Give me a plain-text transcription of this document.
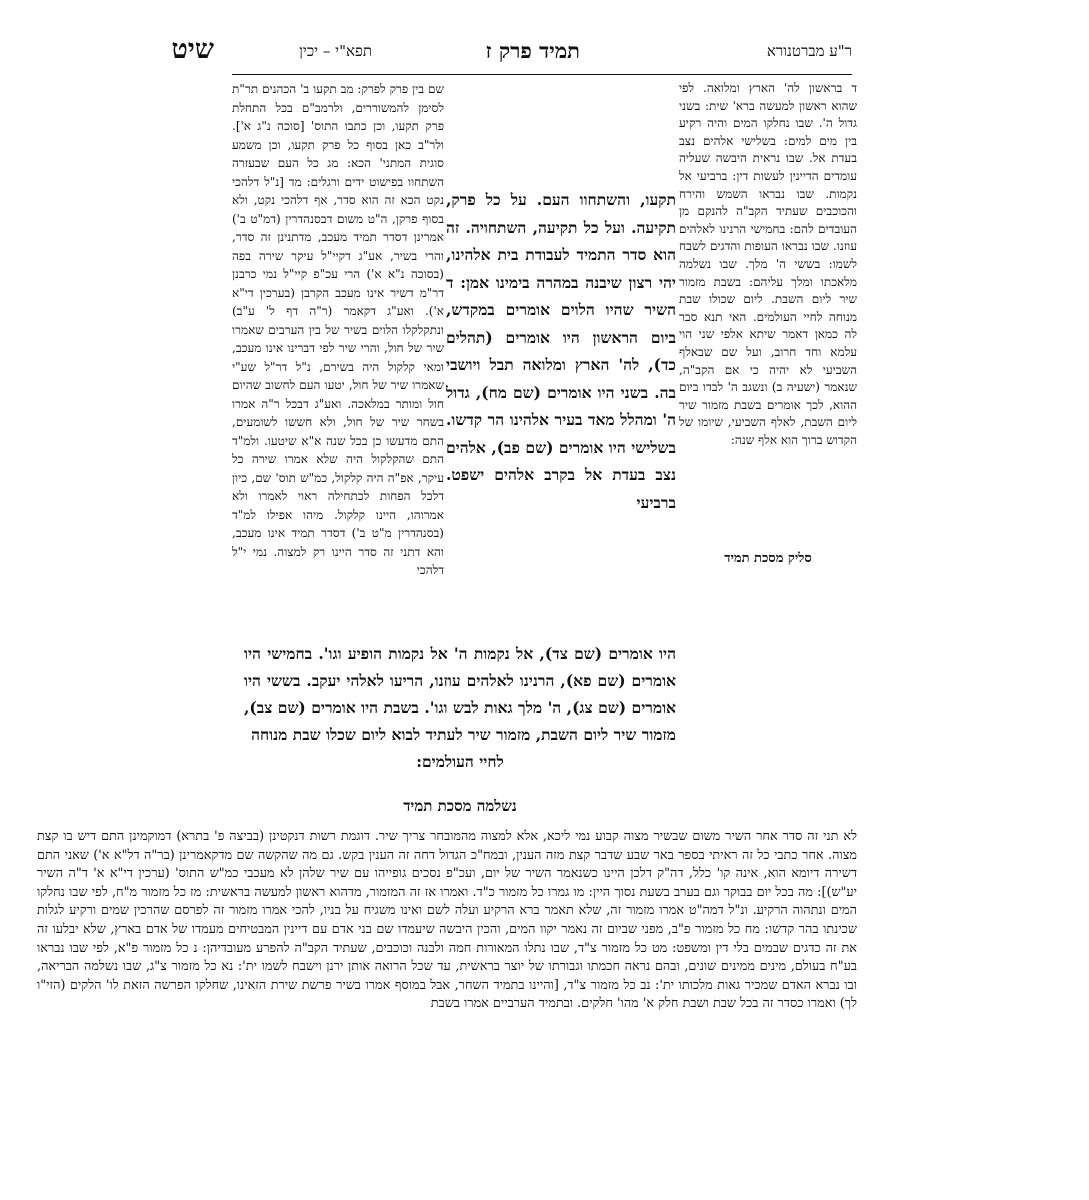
ר"ע מברטנורא
תמיד פרק ז
תפא"י – יכין
שיט
ד בראשון לה' הארץ ומלואה. לפי שהוא ראשון למעשה ברא' שית: בשני גדול ה'. שבו נחלקו המים והיה רקיע בין מים למים: בשלישי אלהים נצב בעדת אל. שבו נראית היבשה שעליה עומדים הדיינין לעשות דין: ברביעי אל נקמות. שבו נבראו השמש והירח והכוכבים שעתיד הקב"ה להנקם מן העובדים להם: בחמישי הרנינו לאלהים עוזנו. שבו נבראו העופות והדגים לשבח לשמו: בששי ה' מלך. שבו נשלמה מלאכתו ומלך עליהם: בשבת מזמור שיר ליום השבת. ליום שכולו שבת מנוחה לחיי העולמים. האי תנא סבר לה כמאן דאמר שיתא אלפי שני הוי עלמא וחד חרוב, ועל שם שבאלף השביעי לא יהיה כי אם הקב"ה, שנאמר (ישעיה ב) ונשגב ה' לבדו ביום ההוא, לכך אומרים בשבת מזמור שיר ליום השבת, לאלף השביעי, שיומו של הקדוש ברוך הוא אלף שנה:
סליק מסכת תמיד
תקעו, והשתחוו העם. על כל פרק, תקיעה. ועל כל תקיעה, השתחויה. זה הוא סדר התמיד לעבודת בית אלהינו, יהי רצון שיבנה במהרה בימינו אמן: ד השיר שהיו הלוים אומרים במקדש, ביום הראשון היו אומרים (תהלים כד), לה' הארץ ומלואה תבל ויושבי בה. בשני היו אומרים (שם מח), גדול ה' ומהלל מאד בעיר אלהינו הר קדשו. בשלישי היו אומרים (שם פב), אלהים נצב בעדת אל בקרב אלהים ישפט. ברביעי
היו אומרים (שם צד), אל נקמות ה' אל נקמות הופיע וגו'. בחמישי היו אומרים (שם פא), הרנינו לאלהים עוזנו, הריעו לאלהי יעקב. בששי היו אומרים (שם צג), ה' מלך גאות לבש וגו'. בשבת היו אומרים (שם צב), מזמור שיר ליום השבת, מזמור שיר לעתיד לבוא ליום שכלו שבת מנוחה
לחיי העולמים:
נשלמה מסכת תמיד
שם בין פרק לפרק: מב תקעו ב' הכהנים תר"ת לסימן להמשוררים, ולרמב"ם בכל התחלת פרק תקעו, וכן כתבו התוס' [סוכה נ"ג א']. ולר"ב כאן בסוף כל פרק תקעו, וכן משמע סוגית המתני' הכא: מג כל העם שבעזרה השתחוו בפישוט ידים ורגלים: מד [נ"ל דלהכי נקט הכא זה הוא סדר, אף דלהכי נקט, ולא בסוף פרקן, ה"ט משום דבסנהדרין (דמ"ט ב') אמרינן דסדר תמיד מעכב, מדתנינן זה סדר, והרי בשיר, אע"ג דקיי"ל עיקר שירה בפה (בסוכה נ"א א') הרי עכ"פ קיי"ל נמי כרבנן דר"מ דשיר אינו מעכב הקרבן (בערכין די"א א'). ואע"ג דקאמר (ר"ה דף ל' ע"ב) ונתקלקלו הלוים בשיר של בין הערבים שאמרו שיר של חול, והרי שיר לפי דברינו אינו מעכב, ומאי קלקול היה בשירם, נ"ל דר"ל שע"י שאמרו שיר של חול, יטעו העם לחשוב שהיום חול ומותר במלאכה. ואע"ג דבכל ר"ה אמרו בשחר שיר של חול, ולא חששו לשומעים, התם מדעשו כן בכל שנה א"א שיטעו. ולמ"ד התם שהקלקול היה שלא אמרו שירה כל עיקר, אפ"ה היה קלקול, כמ"ש תוס' שם, כיון דלכל הפחות לכתחילה ראוי לאמרו ולא אמרוהו, היינו קלקול. מיהו אפילו למ"ד (בסנהדרין מ"ט ב') דסדר תמיד אינו מעכב, והא דתני זה סדר היינו רק למצוה. נמי י"ל דלהכי
לא תני זה סדר אחר השיר משום שבשיר מצוה קבוע נמי ליכא, אלא למצוה מהמובחר צריך שיר. דוגמת רשות דנקטינן (בביצה פ' בתרא) דמוקמינן התם דיש בו קצת מצוה. אחר כתבי כל זה ראיתי בספר באר שבע שדבר קצת מזה הענין, ובמח"כ הגדול דחה זה הענין בקש. גם מה שהקשה שם מדקאמרינן (בר"ה דל"א א') שאני התם דשירה דיומא הוא, אינה קו' כלל, דה"ק דלכן היינו כשנאמר השיר של יום, ועכ"פ נסכים גופייהו עם שיר שלהן לא מעכבי כמ"ש התוס' (ערכין די"א א' ד"ה השיר יע"ש)]: מה בכל יום בבוקר וגם בערב בשעת נסוך היין: מו גמרו כל מזמור כ"ד. ואמרו אז זה המזמור, מדהוא ראשון למעשה בראשית: מז כל מזמור מ"ח, לפי שבו נחלקו המים ונתהוה הרקיע. ונ"ל דמה"ט אמרו מזמור זה, שלא תאמר ברא הרקיע ועלה לשם ואינו משגיח על בניו, להכי אמרו מזמור זה לפרסם שהרכין שמים ורקיע לגלות שכינתו בהר קדשו: מח כל מזמור פ"ב, מפני שביום זה נאמר יקוו המים, והכין היבשה שיעמדו שם בני אדם עם דיינין המבטיחים מעמדו של אדם בארץ, שלא יבלעו זה את זה כדגים שבמים בלי דין ומשפט: מט כל מזמור צ"ד, שבו נתלו המאורות חמה ולבנה וכוכבים, שעתיד הקב"ה להפרע מעובדיהן: נ כל מזמור פ"א, לפי שבו נבראו בע"ח בעולם, מינים ממינים שונים, ובהם נראה חכמתו וגבורתו של יוצר בראשית, עד שכל הרואה אותן ירנן וישבח לשמו ית': נא כל מזמור צ"ג, שבו נשלמה הבריאה, ובו נברא האדם שמכיר גאות מלכותו ית': נב כל מזמור צ"ד, [והיינו בתמיד השחר, אבל במוסף אמרו בשיר פרשת שירת הזאינו, שחלקו הפרשה הזאת לו' הלקים (הזי"ו לך) ואמרו כסדר זה בכל שבת ושבת חלק א' מהו' חלקים. ובתמיד הערביים אמרו בשבת
